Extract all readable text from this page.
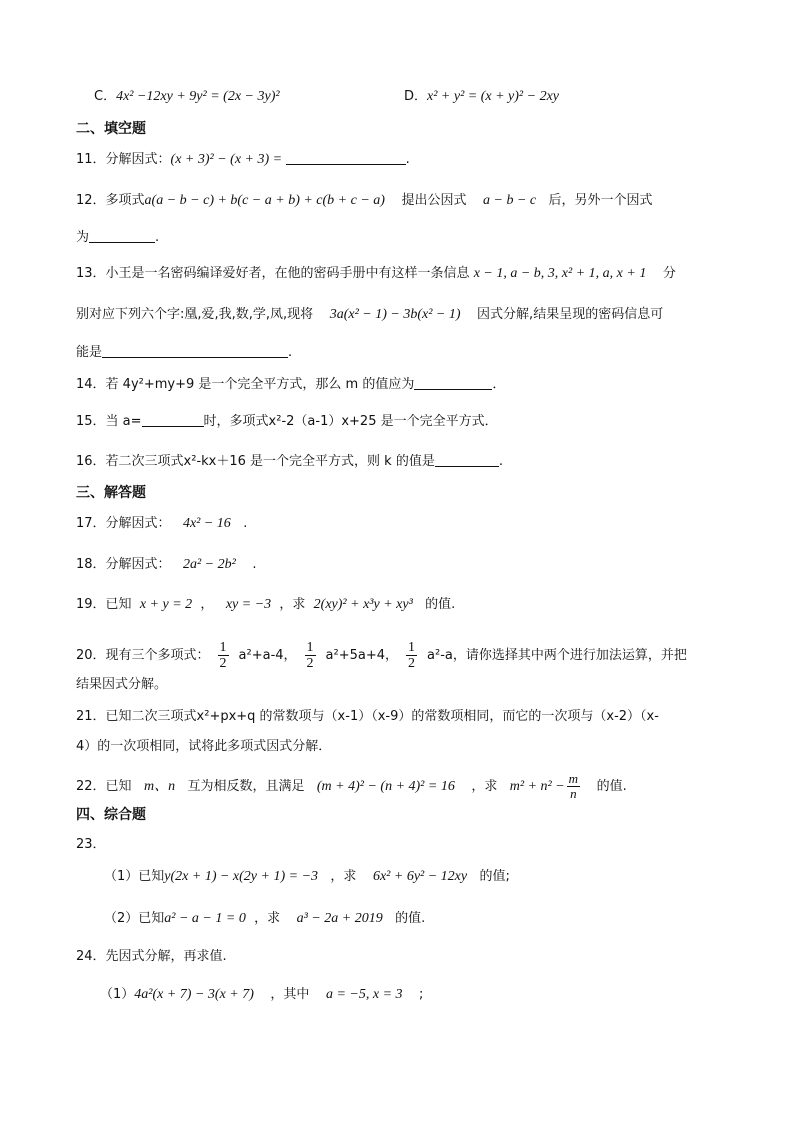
C．4x² −12xy + 9y² = (2x − 3y)²	D．x² + y² = (x + y)² − 2xy
二、填空题
11．分解因式：(x + 3)² − (x + 3) =	.
12．多项式a(a − b − c) + b(c − a + b) + c(b + c − a)    提出公因式    a − b − c   后，另外一个因式
为	.
13．小王是一名密码编译爱好者，在他的密码手册中有这样一条信息 x − 1, a − b, 3, x² + 1, a, x + 1    分
别对应下列六个字:凰,爱,我,数,学,凤,现将    3a(x² − 1) − 3b(x² − 1)    因式分解,结果呈现的密码信息可
能是	.
14．若 4y²+my+9 是一个完全平方式，那么 m 的值应为	．
15．当 a=	时，多项式x²-2（a-1）x+25 是一个完全平方式．
16．若二次三项式x²-kx＋16 是一个完全平方式，则 k 的值是	.
三、解答题
17．分解因式：   4x² − 16   .
18．分解因式：   2a² − 2b²    .
19．已知  x + y = 2  ，   xy = −3  ，求  2(xy)² + x³y + xy³   的值.
结果因式分解。
21．已知二次三项式x²+px+q 的常数项与（x-1）（x-9）的常数项相同，而它的一次项与（x-2）（x-
4）的一次项相同，试将此多项式因式分解．
四、综合题
23．
（1）已知y(2x + 1) − x(2y + 1) = −3   ，求    6x² + 6y² − 12xy   的值;
（2）已知a² − a − 1 = 0  ，求    a³ − 2a + 2019   的值.
24．先因式分解，再求值.
（1）4a²(x + 7) − 3(x + 7)    ，其中    a = −5, x = 3    ;
20．现有三个多项式： $\frac{1}{2} a^2+a-4$， $\frac{1}{2} a^2+5a+4$， $\frac{1}{2} a^2-a$，请你选择其中两个进行加法运算，并把
22．已知 m、n 互为相反数，且满足 (m + 4)² − (n + 4)² = 16 ，求 $m^2 + n^2 - \frac{m}{n}$ 的值.
